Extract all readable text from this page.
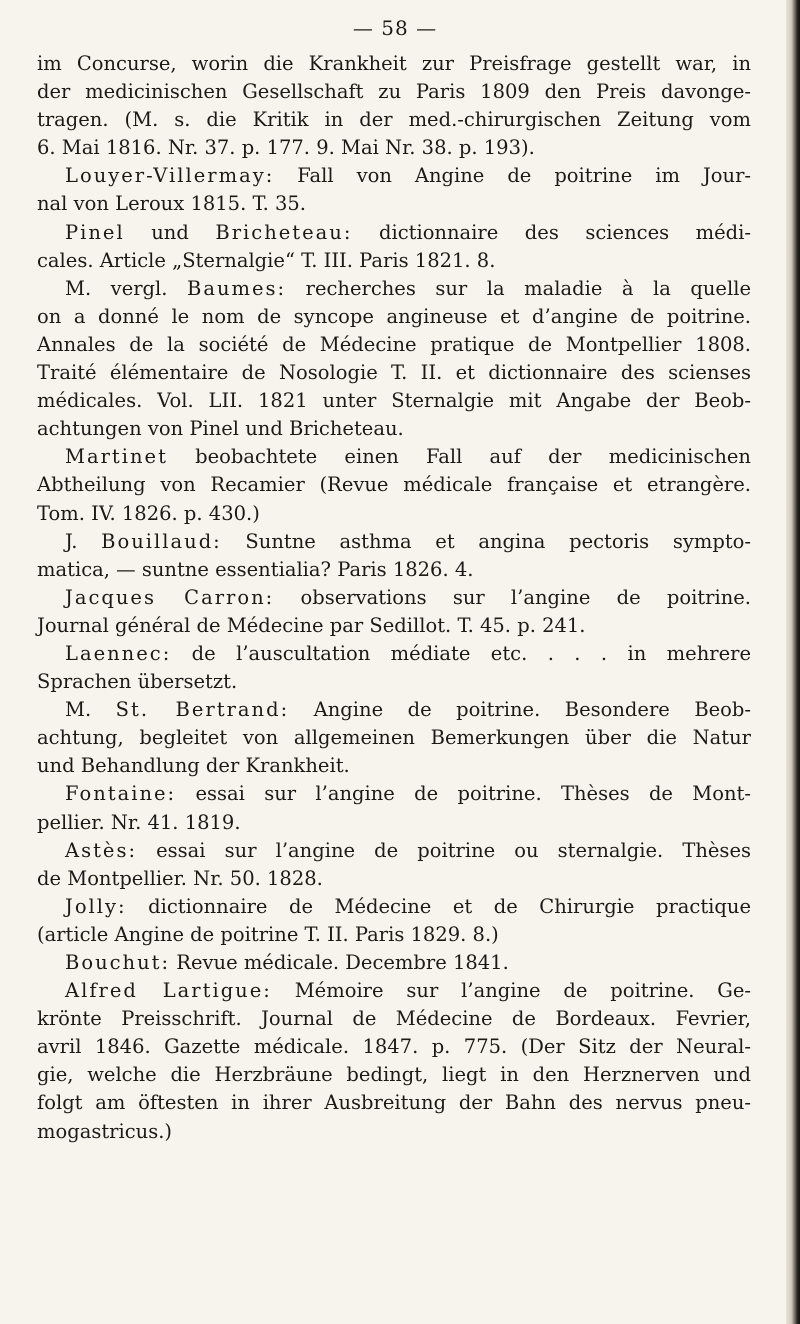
— 58 —
im Concurse, worin die Krankheit zur Preisfrage gestellt war, in
der medicinischen Gesellschaft zu Paris 1809 den Preis davonge-
tragen. (M. s. die Kritik in der med.-chirurgischen Zeitung vom
6. Mai 1816. Nr. 37. p. 177. 9. Mai Nr. 38. p. 193).
Louyer-Villermay: Fall von Angine de poitrine im Jour-
nal von Leroux 1815. T. 35.
Pinel und Bricheteau: dictionnaire des sciences médi-
cales. Article „Sternalgie“ T. III. Paris 1821. 8.
M. vergl. Baumes: recherches sur la maladie à la quelle
on a donné le nom de syncope angineuse et d’angine de poitrine.
Annales de la société de Médecine pratique de Montpellier 1808.
Traité élémentaire de Nosologie T. II. et dictionnaire des scienses
médicales. Vol. LII. 1821 unter Sternalgie mit Angabe der Beob-
achtungen von Pinel und Bricheteau.
Martinet beobachtete einen Fall auf der medicinischen
Abtheilung von Recamier (Revue médicale française et etrangère.
Tom. IV. 1826. p. 430.)
J. Bouillaud: Suntne asthma et angina pectoris sympto-
matica, — suntne essentialia? Paris 1826. 4.
Jacques Carron: observations sur l’angine de poitrine.
Journal général de Médecine par Sedillot. T. 45. p. 241.
Laennec: de l’auscultation médiate etc. . . . in mehrere
Sprachen übersetzt.
M. St. Bertrand: Angine de poitrine. Besondere Beob-
achtung, begleitet von allgemeinen Bemerkungen über die Natur
und Behandlung der Krankheit.
Fontaine: essai sur l’angine de poitrine. Thèses de Mont-
pellier. Nr. 41. 1819.
Astès: essai sur l’angine de poitrine ou sternalgie. Thèses
de Montpellier. Nr. 50. 1828.
Jolly: dictionnaire de Médecine et de Chirurgie practique
(article Angine de poitrine T. II. Paris 1829. 8.)
Bouchut: Revue médicale. Decembre 1841.
Alfred Lartigue: Mémoire sur l’angine de poitrine. Ge-
krönte Preisschrift. Journal de Médecine de Bordeaux. Fevrier,
avril 1846. Gazette médicale. 1847. p. 775. (Der Sitz der Neural-
gie, welche die Herzbräune bedingt, liegt in den Herznerven und
folgt am öftesten in ihrer Ausbreitung der Bahn des nervus pneu-
mogastricus.)
